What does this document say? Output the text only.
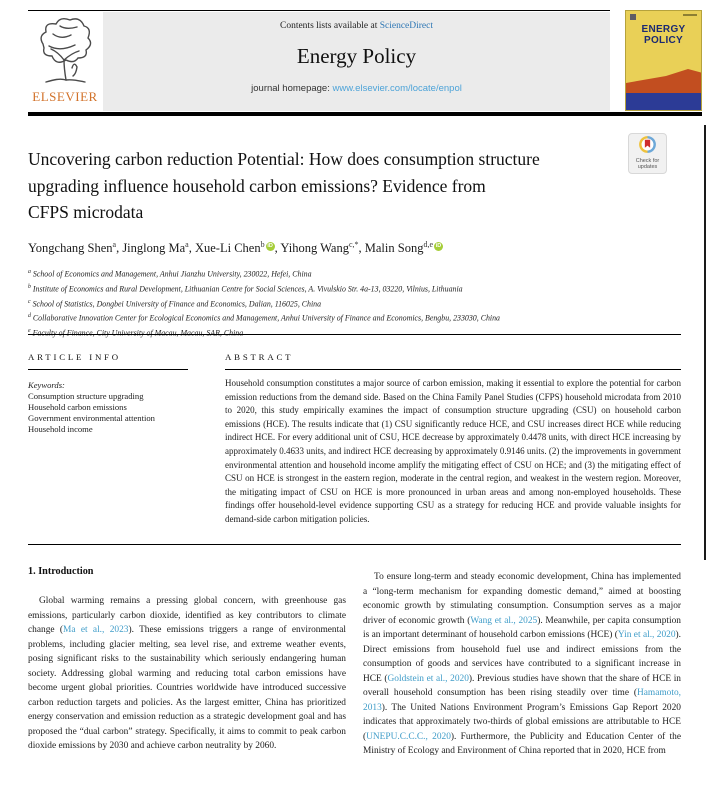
ELSEVIER
Contents lists available at ScienceDirect
Energy Policy
journal homepage: www.elsevier.com/locate/enpol
ENERGY
POLICY
Check for
updates
Uncovering carbon reduction Potential: How does consumption structure
upgrading influence household carbon emissions? Evidence from
CFPS microdata
Yongchang Shen$^a$, Jinglong Ma$^a$, Xue-Li Chen$^b$ iD , Yihong Wang$^{c,*}$, Malin Song$^{d,e}$ iD
$^a$ School of Economics and Management, Anhui Jianzhu University, 230022, Hefei, China
$^b$ Institute of Economics and Rural Development, Lithuanian Centre for Social Sciences, A. Vivulskio Str. 4a-13, 03220, Vilnius, Lithuania
$^c$ School of Statistics, Dongbei University of Finance and Economics, Dalian, 116025, China
$^d$ Collaborative Innovation Center for Ecological Economics and Management, Anhui University of Finance and Economics, Bengbu, 233030, China
$^e$
ARTICLE INFO
Keywords:
Consumption structure upgrading
Household carbon emissions
Government environmental attention
Household income
ABSTRACT
Household consumption constitutes a major source of carbon emission, making it essential to explore the potential for carbon emission reductions from the demand side. Based on the China Family Panel Studies (CFPS) household microdata from 2010 to 2020, this study empirically examines the impact of consumption structure upgrading (CSU) on household carbon emissions (HCE). The results indicate that (1) CSU significantly reduce HCE, and CSU increases direct HCE while reducing indirect HCE. For every additional unit of CSU, HCE decrease by approximately 0.4478 units, with direct HCE increasing by approximately 0.4633 units, and indirect HCE decreasing by approximately 0.9146 units. (2) the improvements in government environmental attention and household income amplify the mitigating effect of CSU on HCE; and (3) the mitigating effect of CSU on HCE is strongest in the eastern region, moderate in the central region, and weakest in the western region. Moreover, the mitigating impact of CSU on HCE is more pronounced in urban areas and among non-employed households. These findings offer household-level evidence supporting CSU as a strategy for reducing HCE and provide valuable insights for demand-side carbon mitigation policies.
1. Introduction

Global warming remains a pressing global concern, with greenhouse gas emissions, particularly carbon dioxide, identified as key contributors to climate change (Ma et al., 2023). These emissions triggers a range of environmental problems, including glacier melting, sea level rise, and extreme weather events, posing significant risks to the sustainability which seriously endangering human society. Addressing global warming and reducing total carbon emissions have become urgent global priorities. Countries worldwide have introduced successive carbon reduction targets and policies. As the largest emitter, China has prioritized energy conservation and emission reduction as a strategic development goal and has proposed the “dual carbon” strategy. Specifically, it aims to commit to peak carbon dioxide emissions by 2030 and achieve carbon neutrality by 2060.

To ensure long-term and steady economic development, China has implemented a “long-term mechanism for expanding domestic demand,” aimed at boosting economic growth by stimulating consumption. Consumption serves as a major driver of economic growth (Wang et al., 2025). Meanwhile, per capita consumption is an important determinant of household carbon emissions (HCE) (Yin et al., 2020). Direct emissions from household fuel use and indirect emissions from the consumption of goods and services have contributed to a significant increase in HCE (Goldstein et al., 2020). Previous studies have shown that the share of HCE in overall household consumption has been rising steadily over time (Hamamoto, 2013). The United Nations Environment Program’s Emissions Gap Report 2020 indicates that approximately two-thirds of global emissions are attributable to HCE (UNEPU.C.C.C., 2020). Furthermore, the Publicity and Education Center of the Ministry of Ecology and Environment of China reported that in 2020, HCE from
